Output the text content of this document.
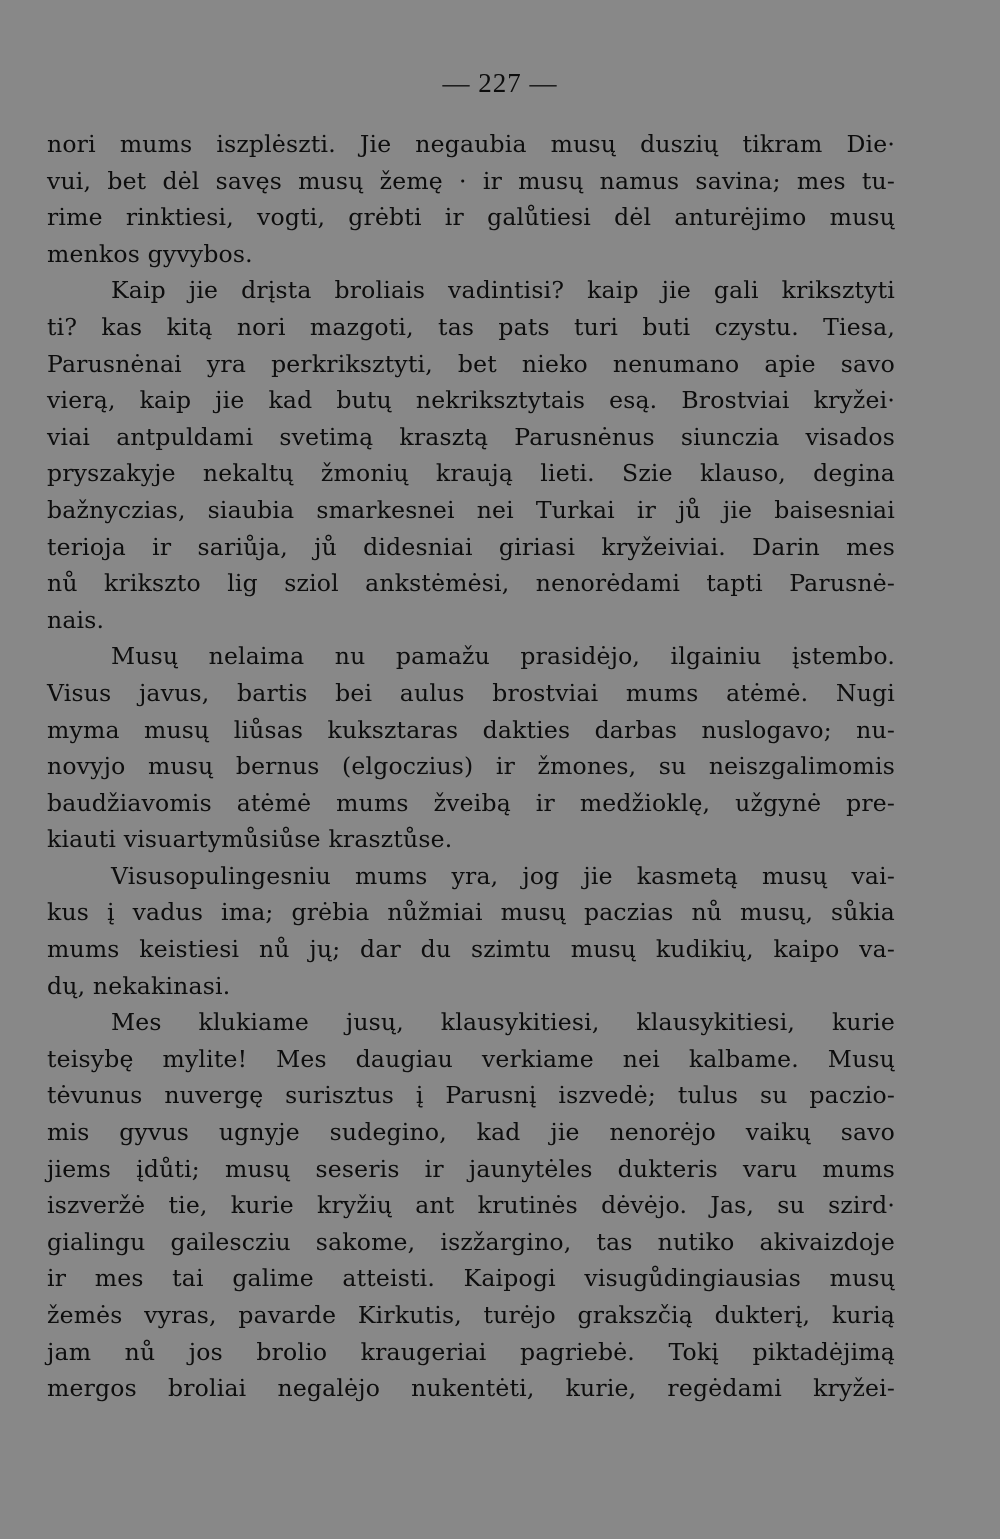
— 227 —
nori mums iszplėszti. Jie negaubia musų duszių tikram Die·
vui, bet dėl savęs musų žemę · ir musų namus savina; mes tu-
rime rinktiesi, vogti, grėbti ir galůtiesi dėl anturėjimo musų
menkos gyvybos.
Kaip jie drįsta broliais vadintisi? kaip jie gali kriksztyti
ti? kas kitą nori mazgoti, tas pats turi buti czystu. Tiesa,
Parusnėnai yra perkriksztyti, bet nieko nenumano apie savo
vierą, kaip jie kad butų nekriksztytais esą. Brostviai kryžei·
viai antpuldami svetimą krasztą Parusnėnus siunczia visados
pryszakyje nekaltų žmonių kraują lieti. Szie klauso, degina
bažnyczias, siaubia smarkesnei nei Turkai ir jů jie baisesniai
terioja ir sariůja, jů didesniai giriasi kryžeiviai. Darin mes
nů kriksztо lig sziol ankstėmėsi, nenorėdami tapti Parusnė-
nais.
Musų nelaima nu pamažu prasidėjo, ilgainiu įstembo.
Visus javus, bartis bei aulus brostviai mums atėmė. Nugi
myma musų liůsas kuksztaras dakties darbas nuslogavo; nu-
novyjo musų bernus (elgoczius) ir žmones, su neiszgalimomis
baudžiavomis atėmė mums žveibą ir medžioklę, užgynė pre-
kiauti visuartymůsiůse krasztůse.
Visusopulingesniu mums yra, jog jie kasmetą musų vai-
kus į vadus ima; grėbia nůžmiai musų paczias nů musų, sůkia
mums keistiesi nů jų; dar du szimtu musų kudikių, kaipo va-
dų, nekakinasi.
Mes klukiame jusų, klausykitiesi, klausykitiesi, kurie
teisybę mylite! Mes daugiau verkiame nei kalbame. Musų
tėvunus nuvergę surisztus į Parusnį iszvedė; tulus su paczio-
mis gyvus ugnyje sudegino, kad jie nenorėjo vaikų savo
jiems įdůti; musų seseris ir jaunytėles dukteris varu mums
iszveržė tie, kurie kryžių ant krutinės dėvėjo. Jas, su szird·
gialingu gailesczіu sakome, iszžargino, tas nutiko akivaizdoje
ir mes tai galime atteisti. Kaipogi visugůdingiausias musų
žemės vyras, pavarde Kirkutis, turėjo grakszčią dukterį, kurią
jam nů jos brolio kraugeriai pagriebė. Tokį piktadėjimą
mergos broliai negalėjo nukentėti, kurie, regėdami kryžei-
